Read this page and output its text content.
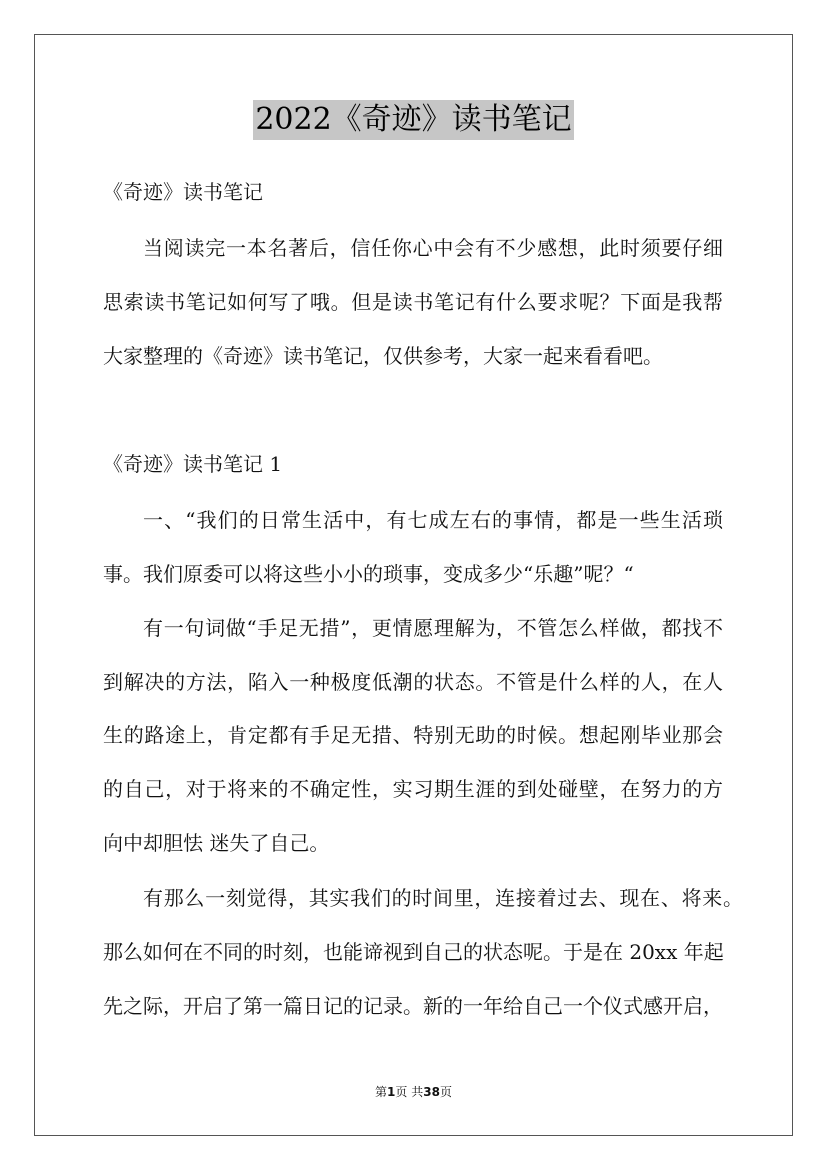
2022《奇迹》读书笔记
《奇迹》读书笔记
当阅读完一本名著后，信任你心中会有不少感想，此时须要仔细
思索读书笔记如何写了哦。但是读书笔记有什么要求呢？下面是我帮
大家整理的《奇迹》读书笔记，仅供参考，大家一起来看看吧。
《奇迹》读书笔记 1
一、“我们的日常生活中，有七成左右的事情，都是一些生活琐
事。我们原委可以将这些小小的琐事，变成多少“乐趣”呢？“
有一句词做“手足无措”，更情愿理解为，不管怎么样做，都找不
到解决的方法，陷入一种极度低潮的状态。不管是什么样的人，在人
生的路途上，肯定都有手足无措、特别无助的时候。想起刚毕业那会
的自己，对于将来的不确定性，实习期生涯的到处碰壁，在努力的方
向中却胆怯 迷失了自己。
有那么一刻觉得，其实我们的时间里，连接着过去、现在、将来。
那么如何在不同的时刻，也能谛视到自己的状态呢。于是在 20xx 年起
先之际，开启了第一篇日记的记录。新的一年给自己一个仪式感开启，
第1页 共38页
